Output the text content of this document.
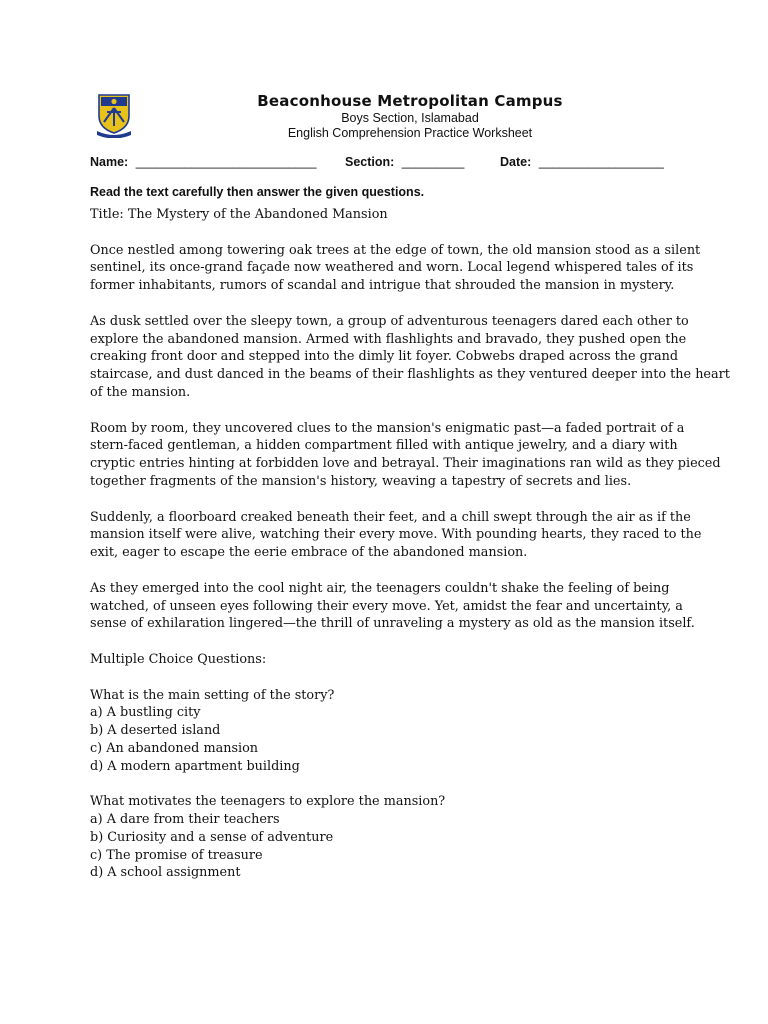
Beaconhouse Metropolitan Campus
Boys Section, Islamabad
English Comprehension Practice Worksheet
Name: __________________________ Section: _________	Date: __________________
Read the text carefully then answer the given questions.
Title: The Mystery of the Abandoned Mansion
Once nestled among towering oak trees at the edge of town, the old mansion stood as a silent
sentinel, its once-grand façade now weathered and worn. Local legend whispered tales of its
former inhabitants, rumors of scandal and intrigue that shrouded the mansion in mystery.
As dusk settled over the sleepy town, a group of adventurous teenagers dared each other to
explore the abandoned mansion. Armed with flashlights and bravado, they pushed open the
creaking front door and stepped into the dimly lit foyer. Cobwebs draped across the grand
staircase, and dust danced in the beams of their flashlights as they ventured deeper into the heart
of the mansion.
Room by room, they uncovered clues to the mansion's enigmatic past—a faded portrait of a
stern-faced gentleman, a hidden compartment filled with antique jewelry, and a diary with
cryptic entries hinting at forbidden love and betrayal. Their imaginations ran wild as they pieced
together fragments of the mansion's history, weaving a tapestry of secrets and lies.
Suddenly, a floorboard creaked beneath their feet, and a chill swept through the air as if the
mansion itself were alive, watching their every move. With pounding hearts, they raced to the
exit, eager to escape the eerie embrace of the abandoned mansion.
As they emerged into the cool night air, the teenagers couldn't shake the feeling of being
watched, of unseen eyes following their every move. Yet, amidst the fear and uncertainty, a
sense of exhilaration lingered—the thrill of unraveling a mystery as old as the mansion itself.
Multiple Choice Questions:
What is the main setting of the story?
a) A bustling city
b) A deserted island
c) An abandoned mansion
d) A modern apartment building
What motivates the teenagers to explore the mansion?
a) A dare from their teachers
b) Curiosity and a sense of adventure
c) The promise of treasure
d) A school assignment
